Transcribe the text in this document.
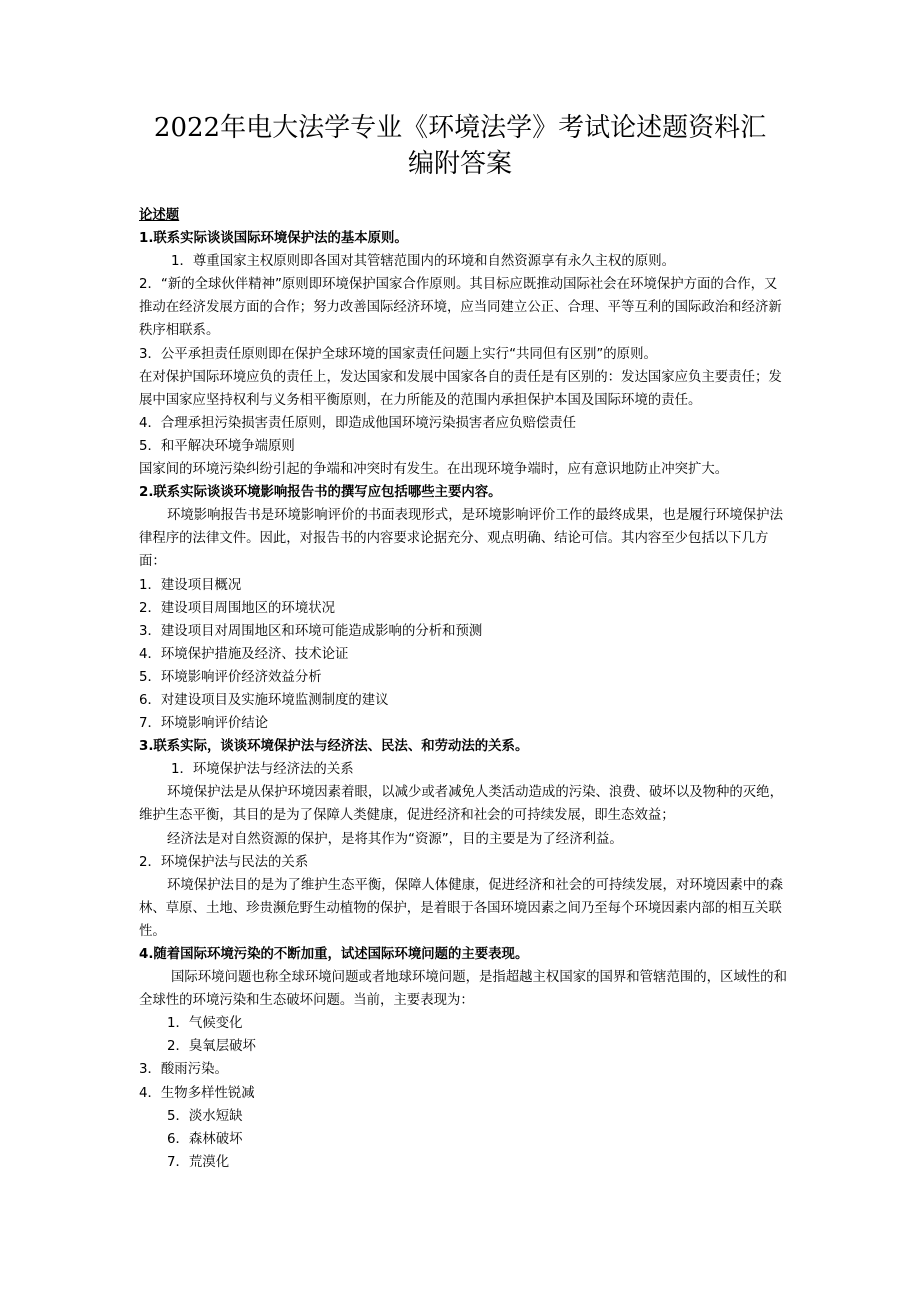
2022年电大法学专业《环境法学》考试论述题资料汇
编附答案

论述题

1.联系实际谈谈国际环境保护法的基本原则。

1．尊重国家主权原则即各国对其管辖范围内的环境和自然资源享有永久主权的原则。

2．“新的全球伙伴精神”原则即环境保护国家合作原则。其目标应既推动国际社会在环境保护方面的合作，又推动在经济发展方面的合作；努力改善国际经济环境，应当同建立公正、合理、平等互利的国际政治和经济新秩序相联系。

3．公平承担责任原则即在保护全球环境的国家责任问题上实行“共同但有区别”的原则。

在对保护国际环境应负的责任上，发达国家和发展中国家各自的责任是有区别的：发达国家应负主要责任；发展中国家应坚持权利与义务相平衡原则，在力所能及的范围内承担保护本国及国际环境的责任。

4．合理承担污染损害责任原则，即造成他国环境污染损害者应负赔偿责任

5．和平解决环境争端原则

国家间的环境污染纠纷引起的争端和冲突时有发生。在出现环境争端时，应有意识地防止冲突扩大。

2.联系实际谈谈环境影响报告书的撰写应包括哪些主要内容。

环境影响报告书是环境影响评价的书面表现形式，是环境影响评价工作的最终成果，也是履行环境保护法律程序的法律文件。因此，对报告书的内容要求论据充分、观点明确、结论可信。其内容至少包括以下几方面：

1．建设项目概况

2．建设项目周围地区的环境状况

3．建设项目对周围地区和环境可能造成影响的分析和预测

4．环境保护措施及经济、技术论证

5．环境影响评价经济效益分析

6．对建设项目及实施环境监测制度的建议

7．环境影响评价结论

3.联系实际，谈谈环境保护法与经济法、民法、和劳动法的关系。

1．环境保护法与经济法的关系

环境保护法是从保护环境因素着眼，以减少或者减免人类活动造成的污染、浪费、破坏以及物种的灭绝，维护生态平衡，其目的是为了保障人类健康，促进经济和社会的可持续发展，即生态效益；

经济法是对自然资源的保护，是将其作为“资源”，目的主要是为了经济利益。

2．环境保护法与民法的关系

环境保护法目的是为了维护生态平衡，保障人体健康，促进经济和社会的可持续发展，对环境因素中的森林、草原、土地、珍贵濒危野生动植物的保护，是着眼于各国环境因素之间乃至每个环境因素内部的相互关联性。

4.随着国际环境污染的不断加重，试述国际环境问题的主要表现。

国际环境问题也称全球环境问题或者地球环境问题，是指超越主权国家的国界和管辖范围的，区域性的和全球性的环境污染和生态破坏问题。当前，主要表现为：

1．气候变化

2．臭氧层破坏

3．酸雨污染。

4．生物多样性锐减

5．淡水短缺

6．森林破坏

7．荒漠化
